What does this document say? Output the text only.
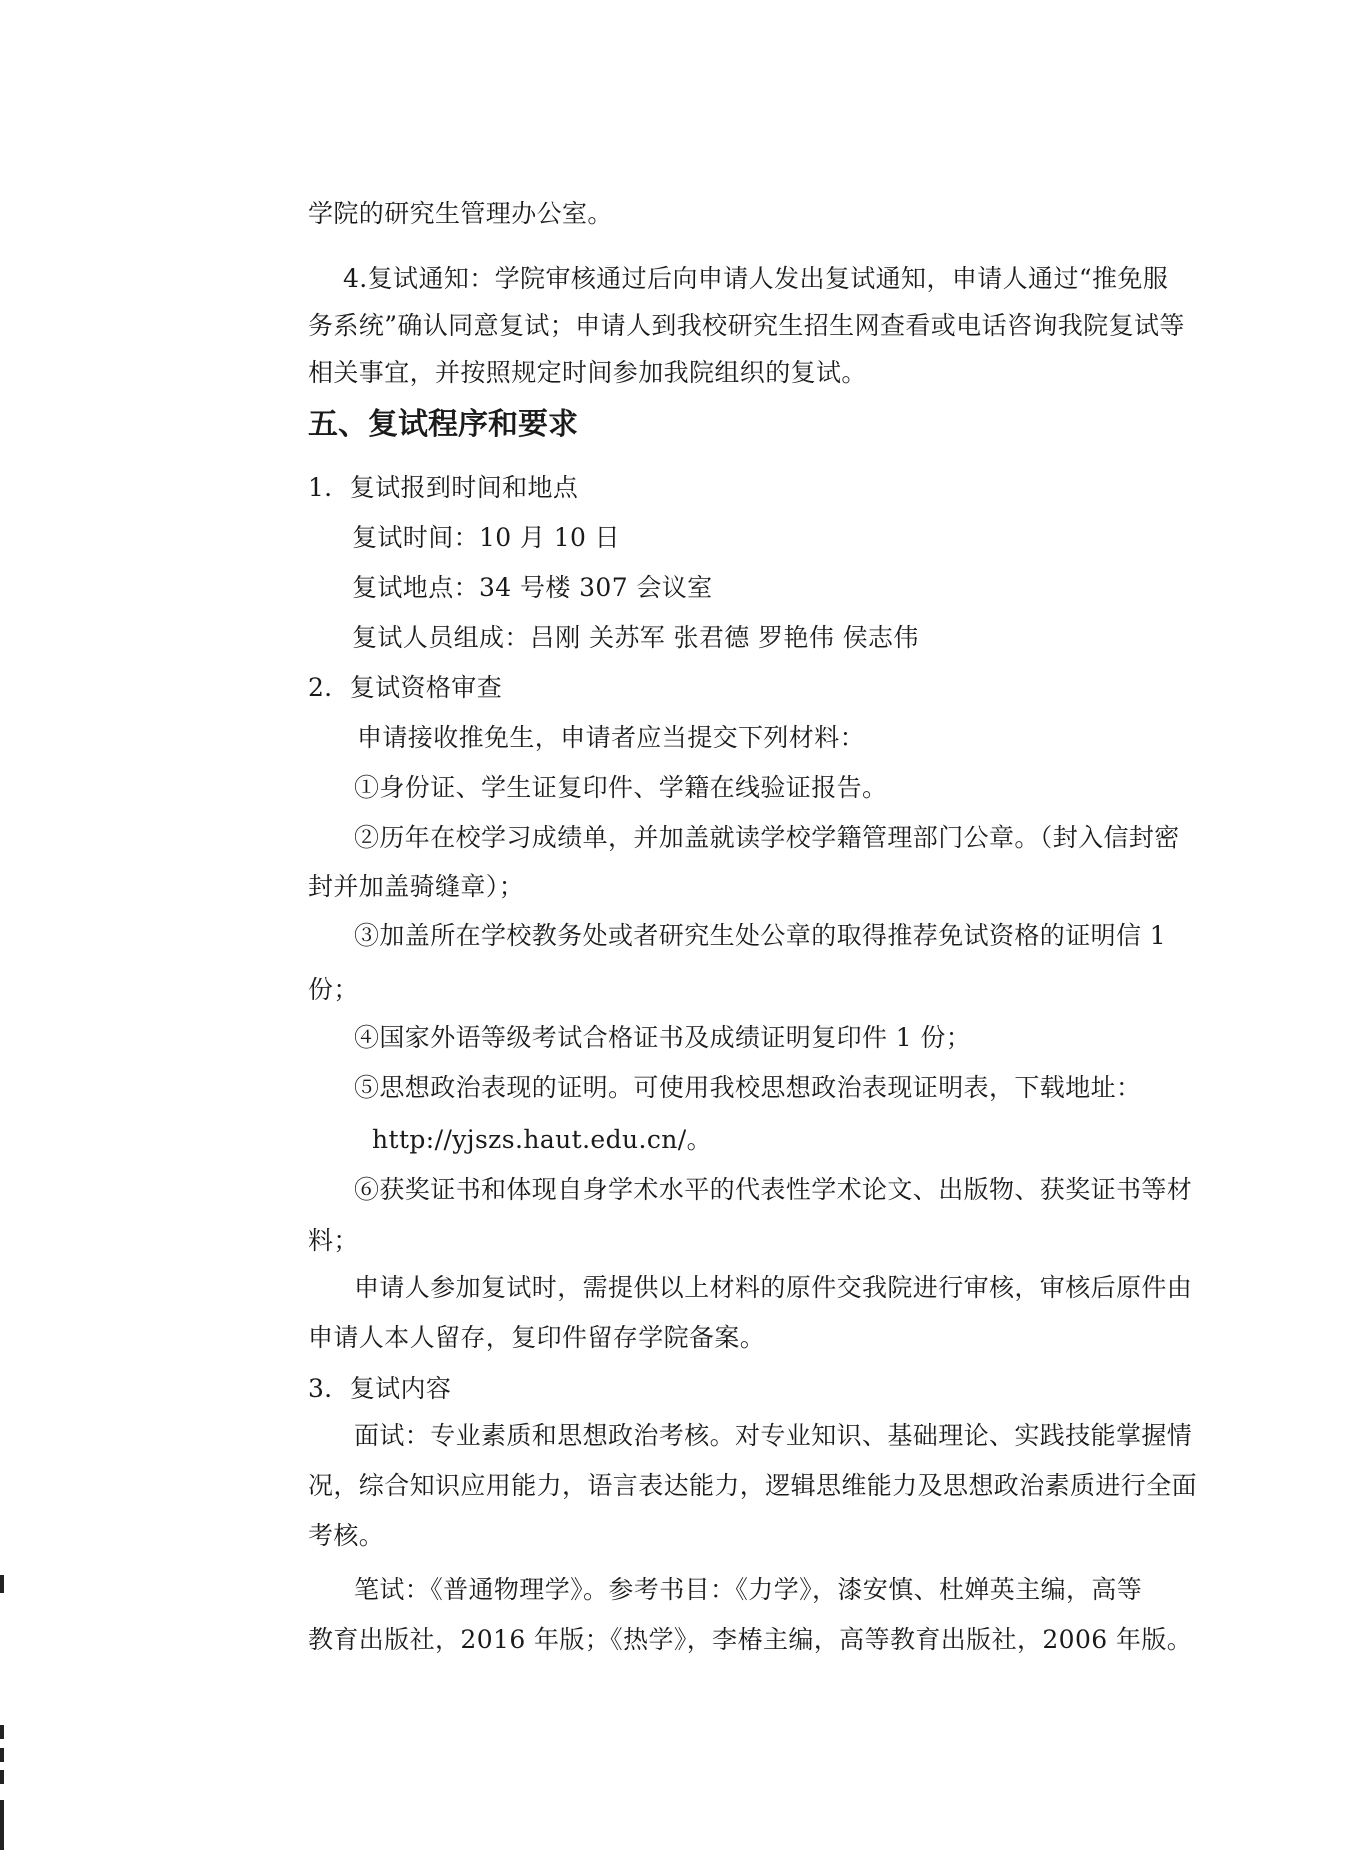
学院的研究生管理办公室。
4.复试通知：学院审核通过后向申请人发出复试通知，申请人通过“推免服
务系统”确认同意复试；申请人到我校研究生招生网查看或电话咨询我院复试等
相关事宜，并按照规定时间参加我院组织的复试。
五、复试程序和要求
1．复试报到时间和地点
复试时间：10 月 10 日
复试地点：34 号楼 307 会议室
复试人员组成：吕刚 关苏军 张君德 罗艳伟 侯志伟
2．复试资格审查
申请接收推免生，申请者应当提交下列材料：
①身份证、学生证复印件、学籍在线验证报告。
②历年在校学习成绩单，并加盖就读学校学籍管理部门公章。（封入信封密
封并加盖骑缝章）；
③加盖所在学校教务处或者研究生处公章的取得推荐免试资格的证明信 1
份；
④国家外语等级考试合格证书及成绩证明复印件 1 份；
⑤思想政治表现的证明。可使用我校思想政治表现证明表，下载地址：
http://yjszs.haut.edu.cn/。
⑥获奖证书和体现自身学术水平的代表性学术论文、出版物、获奖证书等材
料；
申请人参加复试时，需提供以上材料的原件交我院进行审核，审核后原件由
申请人本人留存，复印件留存学院备案。
3．复试内容
面试：专业素质和思想政治考核。对专业知识、基础理论、实践技能掌握情
况，综合知识应用能力，语言表达能力，逻辑思维能力及思想政治素质进行全面
考核。
笔试：《普通物理学》。参考书目：《力学》，漆安慎、杜婵英主编，高等
教育出版社，2016 年版；《热学》，李椿主编，高等教育出版社，2006 年版。
